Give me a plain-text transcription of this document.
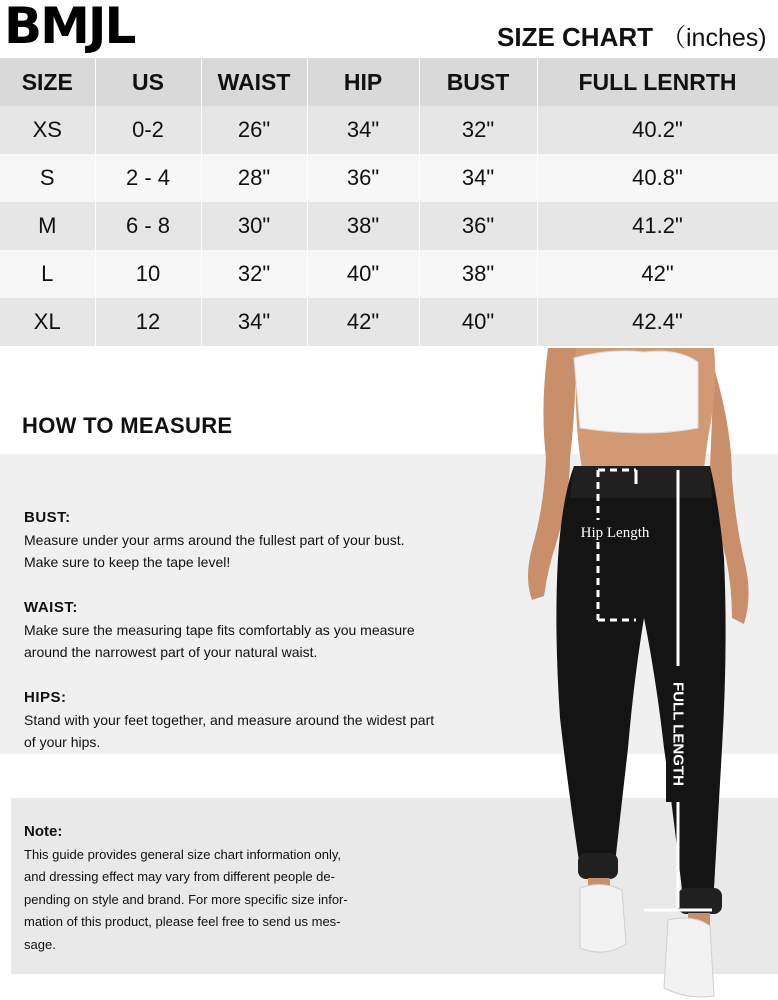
BMJL	SIZE CHART （inches)
SIZE	US	WAIST	HIP	BUST	FULL LENRTH
XS	0-2	26"	34"	32"	40.2"
S	2 - 4	28"	36"	34"	40.8"
M	6 - 8	30"	38"	36"	41.2"
L	10	32"	40"	38"	42"
XL	12	34"	42"	40"	42.4"
HOW TO MEASURE
BUST:
Measure under your arms around the fullest part of your bust.
Make sure to keep the tape level!
WAIST:
Make sure the measuring tape fits comfortably as you measure
around the narrowest part of your natural waist.
HIPS:
Stand with your feet together, and measure around the widest part
of your hips.
Note:
This guide provides general size chart information only,
and dressing effect may vary from different people de-
pending on style and brand. For more specific size infor-
mation of this product, please feel free to send us mes-
sage.
Hip Length
FULL LENGTH
